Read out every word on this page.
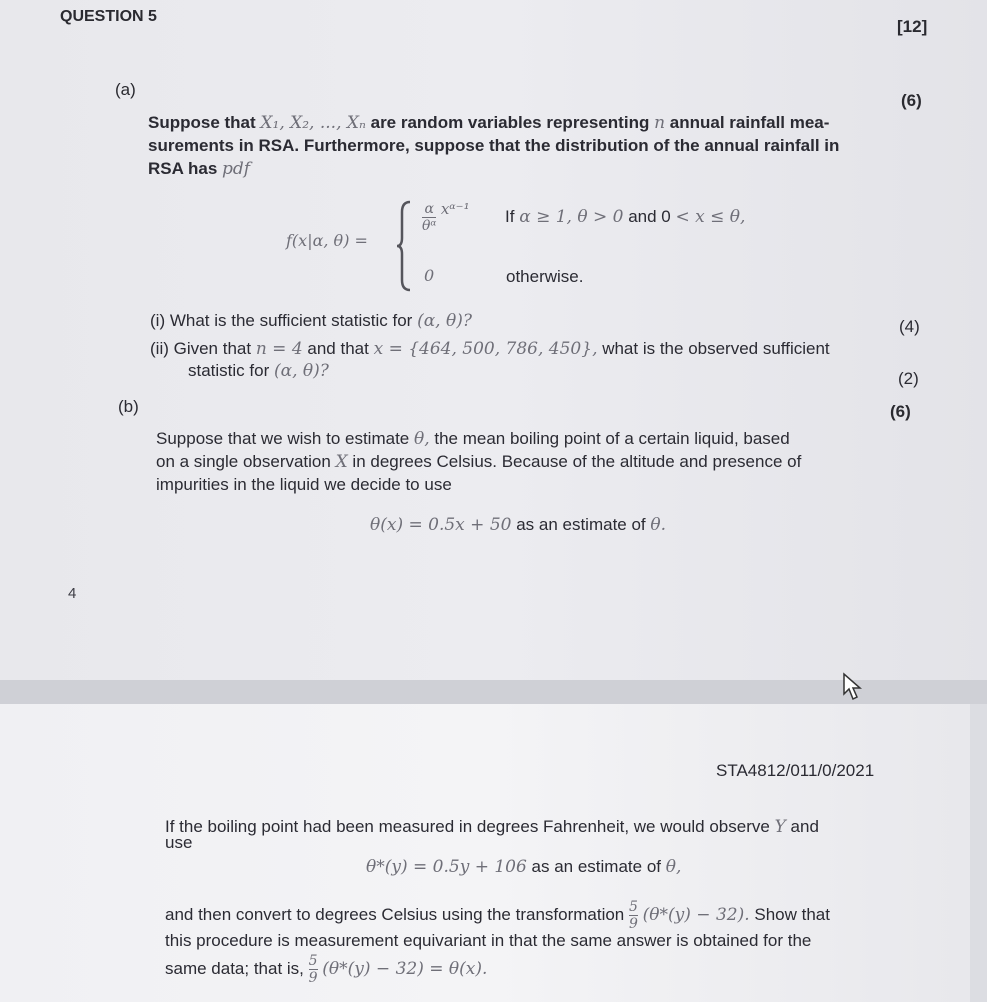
QUESTION 5
[12]
(a)
(6)
Suppose that X₁, X₂, ..., Xₙ are random variables representing n annual rainfall mea-
surements in RSA. Furthermore, suppose that the distribution of the annual rainfall in
RSA has pdf
f(x|α, θ) =
$\frac{\alpha}{\text{θᵅ}}$ xᵅ⁻¹ If α ≥ 1, θ > 0 and 0 < x ≤ θ,
0	otherwise.
(i) What is the sufficient statistic for (α, θ)?	(4)
(ii) Given that n = 4 and that x = {464, 500, 786, 450}, what is the observed sufficient
statistic for (α, θ)?	(2)
(b)	(6)
Suppose that we wish to estimate θ, the mean boiling point of a certain liquid, based
on a single observation X in degrees Celsius. Because of the altitude and presence of
impurities in the liquid we decide to use
θ(x) = 0.5x + 50 as an estimate of θ.
4
STA4812/011/0/2021
If the boiling point had been measured in degrees Fahrenheit, we would observe Y and
use
θ*(y) = 0.5y + 106 as an estimate of θ,
and then convert to degrees Celsius using the transformation $\frac{5}{9} (\theta*(y) - 32)$. Show that
this procedure is measurement equivariant in that the same answer is obtained for the
same data; that is, $\frac{5}{9} (\theta*(y) - 32) = \theta(x)$.
